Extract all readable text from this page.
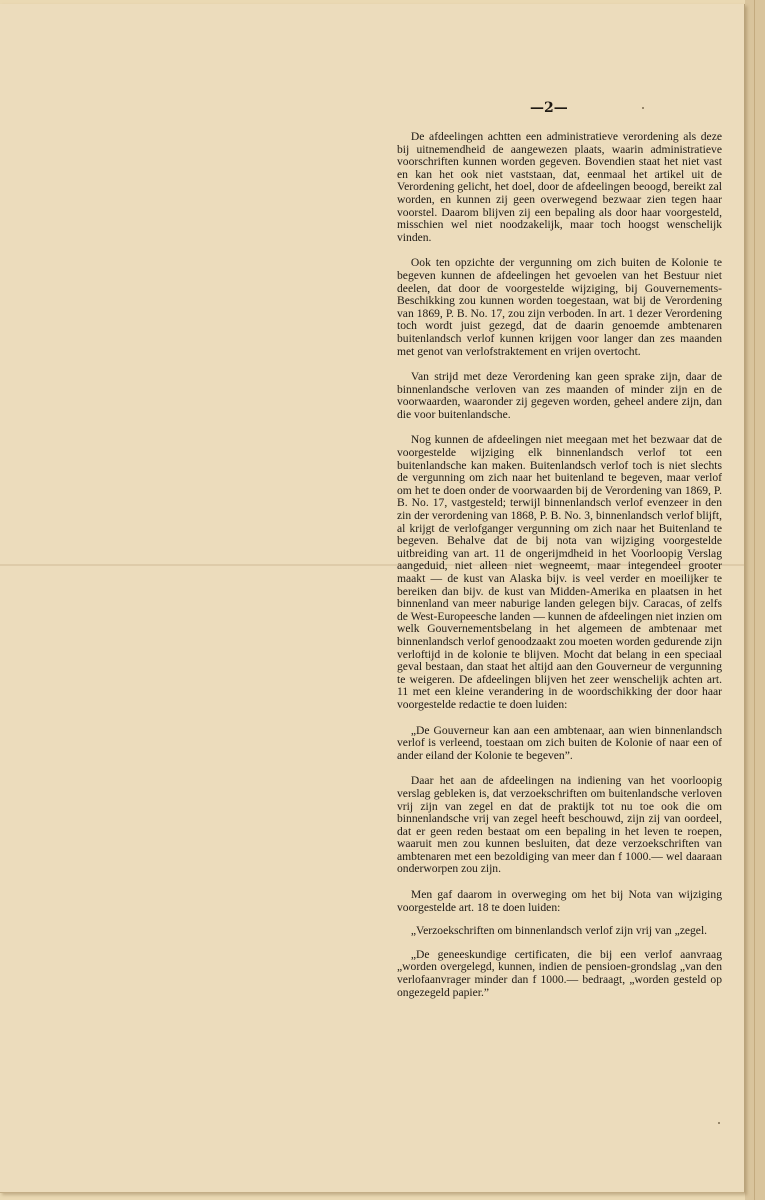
—2—

De afdeelingen achtten een administratieve verordening als deze bij uitnemendheid de aangewezen plaats, waarin administratieve voorschriften kunnen worden gegeven. Bovendien staat het niet vast en kan het ook niet vaststaan, dat, eenmaal het artikel uit de Verordening gelicht, het doel, door de afdeelingen beoogd, bereikt zal worden, en kunnen zij geen overwegend bezwaar zien tegen haar voorstel. Daarom blijven zij een bepaling als door haar voorgesteld, misschien wel niet noodzakelijk, maar toch hoogst wenschelijk vinden.

Ook ten opzichte der vergunning om zich buiten de Kolonie te begeven kunnen de afdeelingen het gevoelen van het Bestuur niet deelen, dat door de voorgestelde wijziging, bij Gouvernements-Beschikking zou kunnen worden toegestaan, wat bij de Verordening van 1869, P. B. No. 17, zou zijn verboden. In art. 1 dezer Verordening toch wordt juist gezegd, dat de daarin genoemde ambtenaren buitenlandsch verlof kunnen krijgen voor langer dan zes maanden met genot van verlofstraktement en vrijen overtocht.

Van strijd met deze Verordening kan geen sprake zijn, daar de binnenlandsche verloven van zes maanden of minder zijn en de voorwaarden, waaronder zij gegeven worden, geheel andere zijn, dan die voor buitenlandsche.

Nog kunnen de afdeelingen niet meegaan met het bezwaar dat de voorgestelde wijziging elk binnenlandsch verlof tot een buitenlandsche kan maken. Buitenlandsch verlof toch is niet slechts de vergunning om zich naar het buitenland te begeven, maar verlof om het te doen onder de voorwaarden bij de Verordening van 1869, P. B. No. 17, vastgesteld; terwijl binnenlandsch verlof evenzeer in den zin der verordening van 1868, P. B. No. 3, binnenlandsch verlof blijft, al krijgt de verlofganger vergunning om zich naar het Buitenland te begeven. Behalve dat de bij nota van wijziging voorgestelde uitbreiding van art. 11 de ongerijmdheid in het Voorloopig Verslag aangeduid, niet alleen niet wegneemt, maar integendeel grooter maakt — de kust van Alaska bijv. is veel verder en moeilijker te bereiken dan bijv. de kust van Midden-Amerika en plaatsen in het binnenland van meer naburige landen gelegen bijv. Caracas, of zelfs de West-Europeesche landen — kunnen de afdeelingen niet inzien om welk Gouvernementsbelang in het algemeen de ambtenaar met binnenlandsch verlof genoodzaakt zou moeten worden gedurende zijn verloftijd in de kolonie te blijven. Mocht dat belang in een speciaal geval bestaan, dan staat het altijd aan den Gouverneur de vergunning te weigeren. De afdeelingen blijven het zeer wenschelijk achten art. 11 met een kleine verandering in de woordschikking der door haar voorgestelde redactie te doen luiden:

„De Gouverneur kan aan een ambtenaar, aan wien binnenlandsch verlof is verleend, toestaan om zich buiten de Kolonie of naar een of ander eiland der Kolonie te begeven”.

Daar het aan de afdeelingen na indiening van het voorloopig verslag gebleken is, dat verzoekschriften om buitenlandsche verloven vrij zijn van zegel en dat de praktijk tot nu toe ook die om binnenlandsche vrij van zegel heeft beschouwd, zijn zij van oordeel, dat er geen reden bestaat om een bepaling in het leven te roepen, waaruit men zou kunnen besluiten, dat deze verzoekschriften van ambtenaren met een bezoldiging van meer dan f 1000.— wel daaraan onderworpen zou zijn.

Men gaf daarom in overweging om het bij Nota van wijziging voorgestelde art. 18 te doen luiden:

„Verzoekschriften om binnenlandsch verlof zijn vrij van „zegel.

„De geneeskundige certificaten, die bij een verlof aanvraag „worden overgelegd, kunnen, indien de pensioen-grondslag „van den verlofaanvrager minder dan f 1000.— bedraagt, „worden gesteld op ongezegeld papier.”
